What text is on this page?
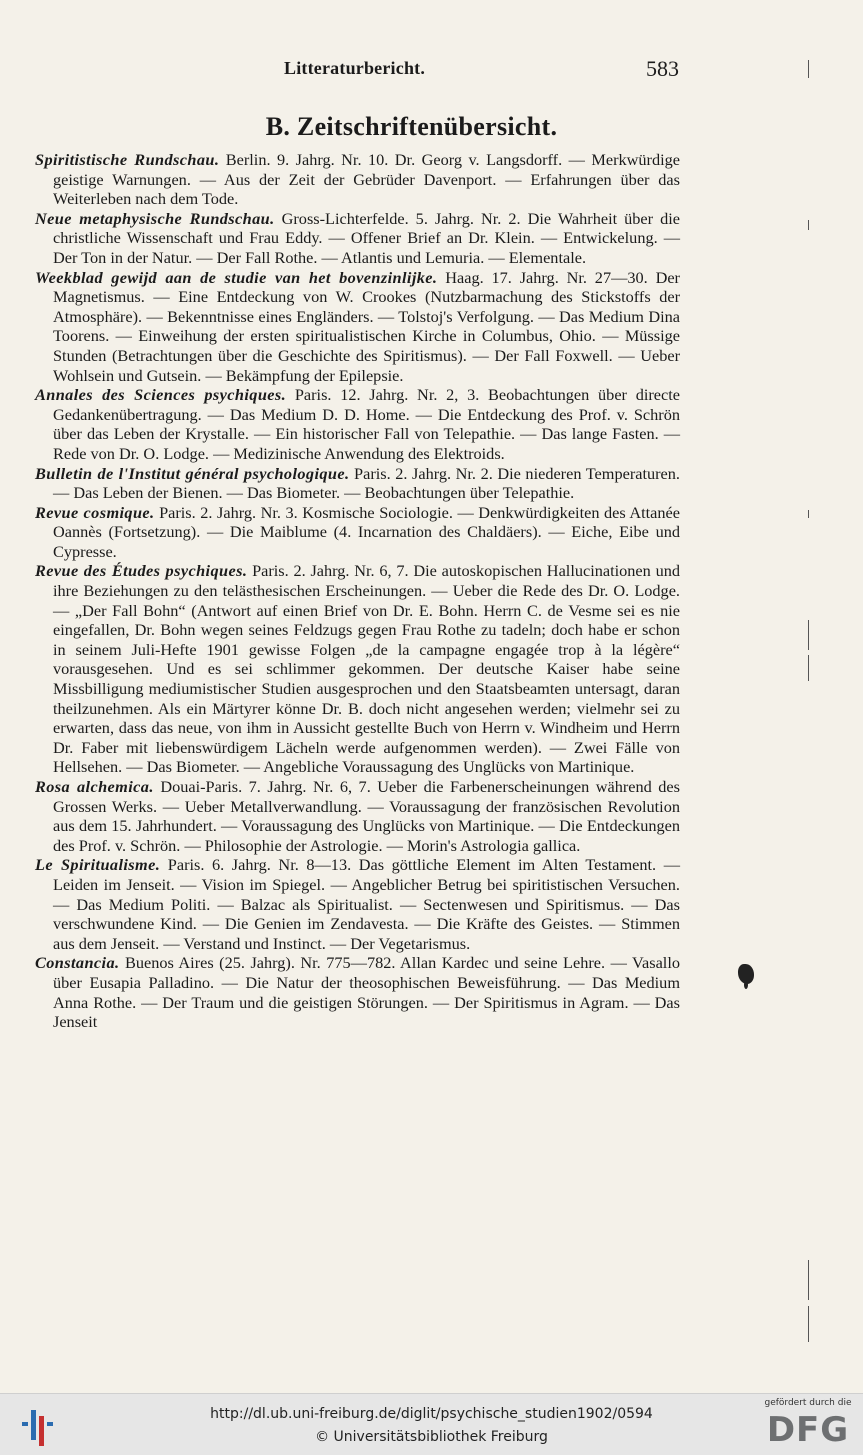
Litteraturbericht.	583
B. Zeitschriftenübersicht.

Spiritistische Rundschau. Berlin. 9. Jahrg. Nr. 10. Dr. Georg v. Langsdorff. — Merkwürdige geistige Warnungen. — Aus der Zeit der Gebrüder Davenport. — Erfahrungen über das Weiterleben nach dem Tode.

Neue metaphysische Rundschau. Gross-Lichterfelde. 5. Jahrg. Nr. 2. Die Wahrheit über die christliche Wissenschaft und Frau Eddy. — Offener Brief an Dr. Klein. — Entwickelung. — Der Ton in der Natur. — Der Fall Rothe. — Atlantis und Lemuria. — Elementale.

Weekblad gewijd aan de studie van het bovenzinlijke. Haag. 17. Jahrg. Nr. 27—30. Der Magnetismus. — Eine Entdeckung von W. Crookes (Nutzbarmachung des Stickstoffs der Atmosphäre). — Bekenntnisse eines Engländers. — Tolstoj's Verfolgung. — Das Medium Dina Toorens. — Einweihung der ersten spiritualistischen Kirche in Columbus, Ohio. — Müssige Stunden (Betrachtungen über die Geschichte des Spiritismus). — Der Fall Foxwell. — Ueber Wohlsein und Gutsein. — Bekämpfung der Epilepsie.

Annales des Sciences psychiques. Paris. 12. Jahrg. Nr. 2, 3. Beobachtungen über directe Gedankenübertragung. — Das Medium D. D. Home. — Die Entdeckung des Prof. v. Schrön über das Leben der Krystalle. — Ein historischer Fall von Telepathie. — Das lange Fasten. — Rede von Dr. O. Lodge. — Medizinische Anwendung des Elektroids.

Bulletin de l'Institut général psychologique. Paris. 2. Jahrg. Nr. 2. Die niederen Temperaturen. — Das Leben der Bienen. — Das Biometer. — Beobachtungen über Telepathie.

Revue cosmique. Paris. 2. Jahrg. Nr. 3. Kosmische Sociologie. — Denkwürdigkeiten des Attanée Oannès (Fortsetzung). — Die Maiblume (4. Incarnation des Chaldäers). — Eiche, Eibe und Cypresse.

Revue des Études psychiques. Paris. 2. Jahrg. Nr. 6, 7. Die autoskopischen Hallucinationen und ihre Beziehungen zu den telästhesischen Erscheinungen. — Ueber die Rede des Dr. O. Lodge. — „Der Fall Bohn“ (Antwort auf einen Brief von Dr. E. Bohn. Herrn C. de Vesme sei es nie eingefallen, Dr. Bohn wegen seines Feldzugs gegen Frau Rothe zu tadeln; doch habe er schon in seinem Juli-Hefte 1901 gewisse Folgen „de la campagne engagée trop à la légère“ vorausgesehen. Und es sei schlimmer gekommen. Der deutsche Kaiser habe seine Missbilligung mediumistischer Studien ausgesprochen und den Staatsbeamten untersagt, daran theilzunehmen. Als ein Märtyrer könne Dr. B. doch nicht angesehen werden; vielmehr sei zu erwarten, dass das neue, von ihm in Aussicht gestellte Buch von Herrn v. Windheim und Herrn Dr. Faber mit liebenswürdigem Lächeln werde aufgenommen werden). — Zwei Fälle von Hellsehen. — Das Biometer. — Angebliche Voraussagung des Unglücks von Martinique.

Rosa alchemica. Douai-Paris. 7. Jahrg. Nr. 6, 7. Ueber die Farbenerscheinungen während des Grossen Werks. — Ueber Metallverwandlung. — Voraussagung der französischen Revolution aus dem 15. Jahrhundert. — Voraussagung des Unglücks von Martinique. — Die Entdeckungen des Prof. v. Schrön. — Philosophie der Astrologie. — Morin's Astrologia gallica.

Le Spiritualisme. Paris. 6. Jahrg. Nr. 8—13. Das göttliche Element im Alten Testament. — Leiden im Jenseit. — Vision im Spiegel. — Angeblicher Betrug bei spiritistischen Versuchen. — Das Medium Politi. — Balzac als Spiritualist. — Sectenwesen und Spiritismus. — Das verschwundene Kind. — Die Genien im Zendavesta. — Die Kräfte des Geistes. — Stimmen aus dem Jenseit. — Verstand und Instinct. — Der Vegetarismus.

Constancia. Buenos Aires (25. Jahrg). Nr. 775—782. Allan Kardec und seine Lehre. — Vasallo über Eusapia Palladino. — Die Natur der theosophischen Beweisführung. — Das Medium Anna Rothe. — Der Traum und die geistigen Störungen. — Der Spiritismus in Agram. — Das Jenseit

http://dl.ub.uni-freiburg.de/diglit/psychische_studien1902/0594
© Universitätsbibliothek Freiburg
gefördert durch die
DFG
